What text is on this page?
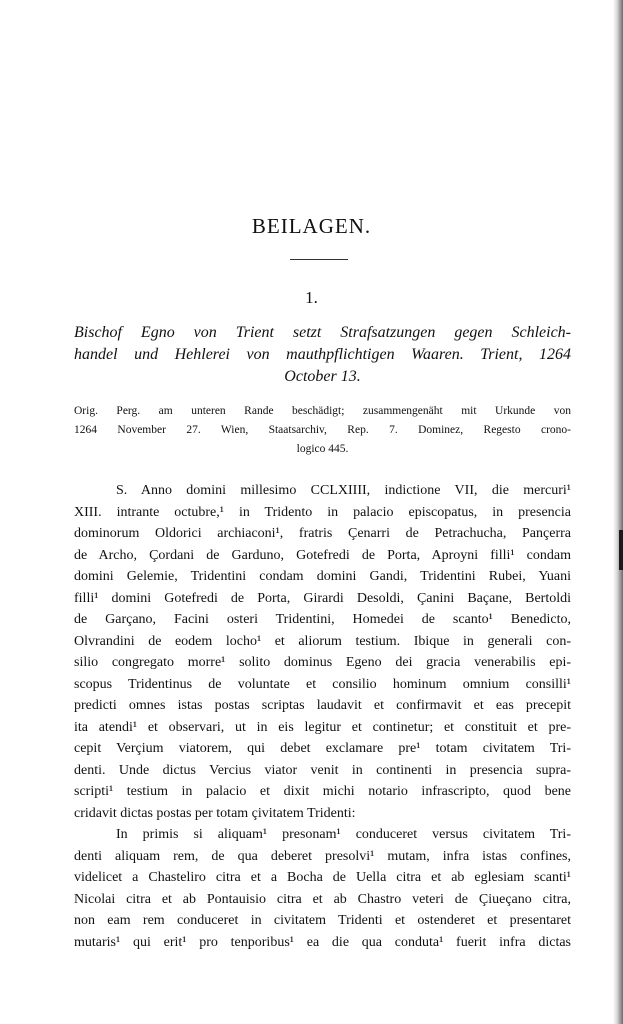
BEILAGEN.
1.
Bischof Egno von Trient setzt Strafsatzungen gegen Schleich-
handel und Hehlerei von mauthpflichtigen Waaren. Trient, 1264
October 13.
Orig. Perg. am unteren Rande beschädigt; zusammengenäht mit Urkunde von
1264 November 27. Wien, Staatsarchiv, Rep. 7. Dominez, Regesto crono-
logico 445.
S. Anno domini millesimo CCLXIIII, indictione VII, die mercuri¹
XIII. intrante octubre,¹ in Tridento in palacio episcopatus, in presencia
dominorum Oldorici archiaconi¹, fratris Çenarri de Petrachucha, Pançerra
de Archo, Çordani de Garduno, Gotefredi de Porta, Aproyni filli¹ condam
domini Gelemie, Tridentini condam domini Gandi, Tridentini Rubei, Yuani
filli¹ domini Gotefredi de Porta, Girardi Desoldi, Çanini Baçane, Bertoldi
de Garçano, Facini osteri Tridentini, Homedei de scanto¹ Benedicto,
Olvrandini de eodem locho¹ et aliorum testium. Ibique in generali con-
silio congregato morre¹ solito dominus Egeno dei gracia venerabilis epi-
scopus Tridentinus de voluntate et consilio hominum omnium consilli¹
predicti omnes istas postas scriptas laudavit et confirmavit et eas precepit
ita atendi¹ et observari, ut in eis legitur et continetur; et constituit et pre-
cepit Verçium viatorem, qui debet exclamare pre¹ totam civitatem Tri-
denti. Unde dictus Vercius viator venit in continenti in presencia supra-
scripti¹ testium in palacio et dixit michi notario infrascripto, quod bene
cridavit dictas postas per totam çivitatem Tridenti:
In primis si aliquam¹ presonam¹ conduceret versus civitatem Tri-
denti aliquam rem, de qua deberet presolvi¹ mutam, infra istas confines,
videlicet a Chasteliro citra et a Bocha de Uella citra et ab eglesiam scanti¹
Nicolai citra et ab Pontauisio citra et ab Chastro veteri de Çiueçano citra,
non eam rem conduceret in civitatem Tridenti et ostenderet et presentaret
mutaris¹ qui erit¹ pro tenporibus¹ ea die qua conduta¹ fuerit infra dictas
